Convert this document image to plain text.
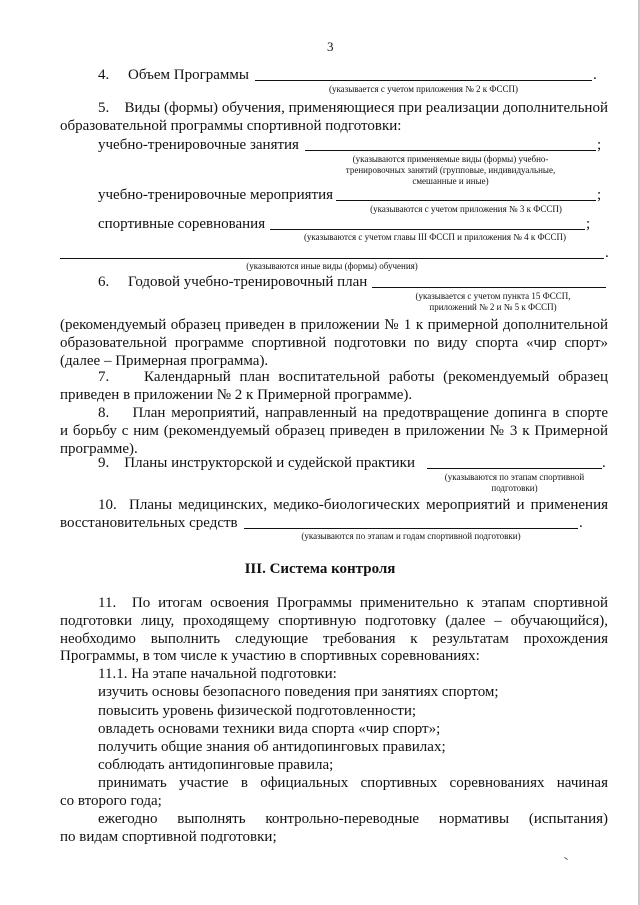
3
4.     Объем Программы	.
(указывается с учетом приложения № 2 к ФССП)
5.    Виды (формы) обучения, применяющиеся при реализации дополнительной
образовательной программы спортивной подготовки:
учебно-тренировочные занятия	;
(указываются применяемые виды (формы) учебно-
тренировочных занятий (групповые, индивидуальные,
смешанные и иные)
учебно-тренировочные мероприятия	;
(указываются с учетом приложения № 3 к ФССП)
спортивные соревнования	;
(указываются с учетом главы III ФССП и приложения № 4 к ФССП)
.
(указываются иные виды (формы) обучения)
6.     Годовой учебно-тренировочный план
(указывается с учетом пункта 15 ФССП,
приложений № 2 и № 5 к ФССП)
(рекомендуемый образец приведен в приложении № 1 к примерной дополнительной
образовательной программе спортивной подготовки по виду спорта «чир спорт»
(далее – Примерная программа).
7.    Календарный план воспитательной работы (рекомендуемый образец
приведен в приложении № 2 к Примерной программе).
8.    План мероприятий, направленный на предотвращение допинга в спорте
и борьбу с ним (рекомендуемый образец приведен в приложении № 3 к Примерной
программе).
9.    Планы инструкторской и судейской практики	.
(указываются по этапам спортивной
подготовки)
10.  Планы медицинских, медико-биологических мероприятий и применения
восстановительных средств	.
(указываются по этапам и годам спортивной подготовки)
III. Система контроля
11.  По итогам освоения Программы применительно к этапам спортивной
подготовки лицу, проходящему спортивную подготовку (далее – обучающийся),
необходимо выполнить следующие требования к результатам прохождения
Программы, в том числе к участию в спортивных соревнованиях:
11.1. На этапе начальной подготовки:
изучить основы безопасного поведения при занятиях спортом;
повысить уровень физической подготовленности;
овладеть основами техники вида спорта «чир спорт»;
получить общие знания об антидопинговых правилах;
соблюдать антидопинговые правила;
принимать участие в официальных спортивных соревнованиях начиная
со второго года;
ежегодно выполнять контрольно-переводные нормативы (испытания)
по видам спортивной подготовки;
